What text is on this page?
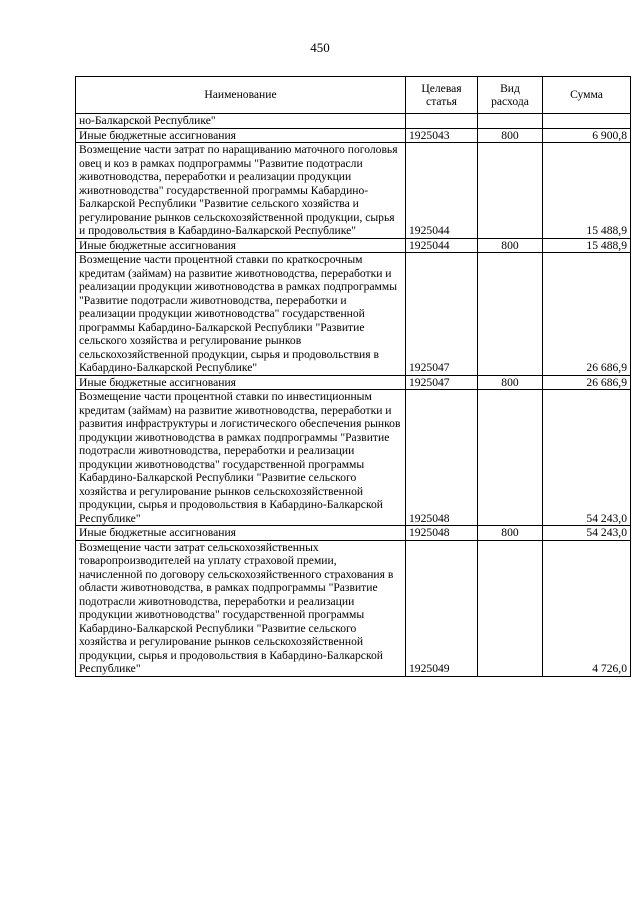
450
Наименование	Целевая статья	Вид расхода	Сумма
но-Балкарской Республике"			
Иные бюджетные ассигнования	1925043	800	6 900,8
Возмещение части затрат по наращиванию маточного поголовья овец и коз в рамках подпрограммы "Развитие подотрасли животноводства, переработки и реализации продукции животноводства" государственной программы Кабардино-Балкарской Республики "Развитие сельского хозяйства и регулирование рынков сельскохозяйственной продукции, сырья и продовольствия в Кабардино-Балкарской Республике"	1925044		15 488,9
Иные бюджетные ассигнования	1925044	800	15 488,9
Возмещение части процентной ставки по краткосрочным кредитам (займам) на развитие животноводства, переработки и реализации продукции животноводства в рамках подпрограммы "Развитие подотрасли животноводства, переработки и реализации продукции животноводства" государственной программы Кабардино-Балкарской Республики "Развитие сельского хозяйства и регулирование рынков сельскохозяйственной продукции, сырья и продовольствия в Кабардино-Балкарской Республике"	1925047		26 686,9
Иные бюджетные ассигнования	1925047	800	26 686,9
Возмещение части процентной ставки по инвестиционным кредитам (займам) на развитие животноводства, переработки и развития инфраструктуры и логистического обеспечения рынков продукции животноводства в рамках подпрограммы "Развитие подотрасли животноводства, переработки и реализации продукции животноводства" государственной программы Кабардино-Балкарской Республики "Развитие сельского хозяйства и регулирование рынков сельскохозяйственной продукции, сырья и продовольствия в Кабардино-Балкарской Республике"	1925048		54 243,0
Иные бюджетные ассигнования	1925048	800	54 243,0
Возмещение части затрат сельскохозяйственных товаропроизводителей на уплату страховой премии, начисленной по договору сельскохозяйственного страхования в области животноводства, в рамках подпрограммы "Развитие подотрасли животноводства, переработки и реализации продукции животноводства" государственной программы Кабардино-Балкарской Республики "Развитие сельского хозяйства и регулирование рынков сельскохозяйственной продукции, сырья и продовольствия в Кабардино-Балкарской Республике"	1925049		4 726,0
